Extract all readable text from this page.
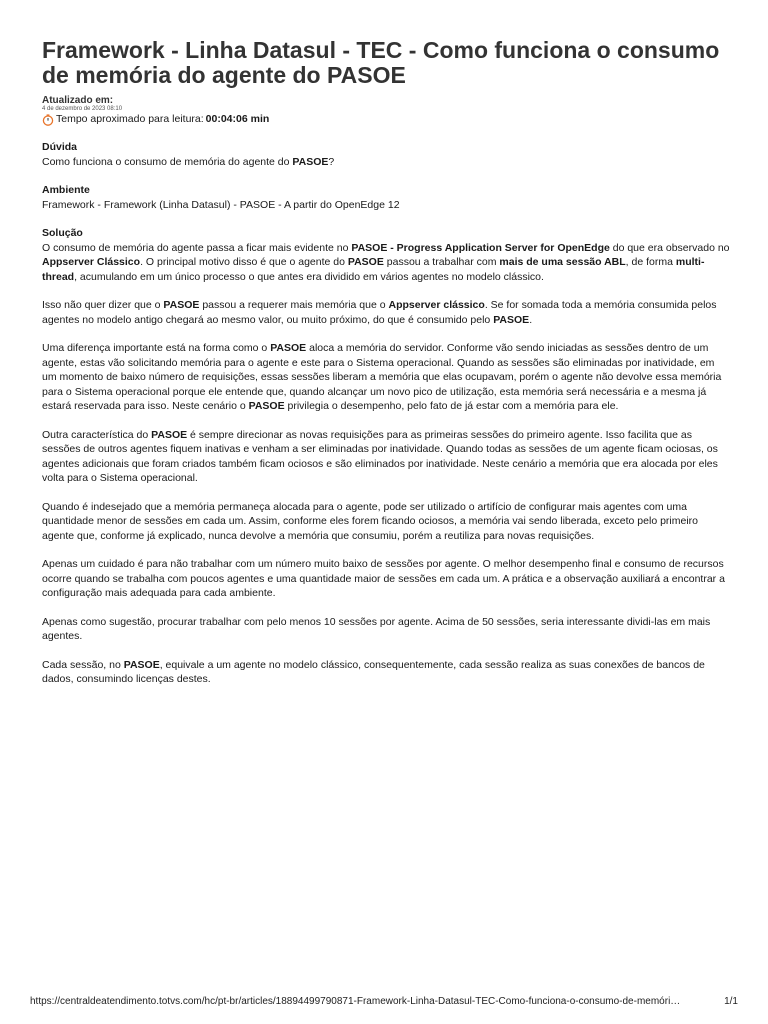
Framework - Linha Datasul - TEC - Como funciona o consumo de memória do agente do PASOE
Atualizado em:
4 de dezembro de 2023 08:10
Tempo aproximado para leitura: 00:04:06 min
Dúvida

Como funciona o consumo de memória do agente do PASOE?

Ambiente

Framework - Framework (Linha Datasul) - PASOE - A partir do OpenEdge 12

Solução

O consumo de memória do agente passa a ficar mais evidente no PASOE - Progress Application Server for OpenEdge do que era observado no Appserver Clássico. O principal motivo disso é que o agente do PASOE passou a trabalhar com mais de uma sessão ABL, de forma multi-thread, acumulando em um único processo o que antes era dividido em vários agentes no modelo clássico.

Isso não quer dizer que o PASOE passou a requerer mais memória que o Appserver clássico. Se for somada toda a memória consumida pelos agentes no modelo antigo chegará ao mesmo valor, ou muito próximo, do que é consumido pelo PASOE.

Uma diferença importante está na forma como o PASOE aloca a memória do servidor. Conforme vão sendo iniciadas as sessões dentro de um agente, estas vão solicitando memória para o agente e este para o Sistema operacional. Quando as sessões são eliminadas por inatividade, em um momento de baixo número de requisições, essas sessões liberam a memória que elas ocupavam, porém o agente não devolve essa memória para o Sistema operacional porque ele entende que, quando alcançar um novo pico de utilização, esta memória será necessária e a mesma já estará reservada para isso. Neste cenário o PASOE privilegia o desempenho, pelo fato de já estar com a memória para ele.

Outra característica do PASOE é sempre direcionar as novas requisições para as primeiras sessões do primeiro agente. Isso facilita que as sessões de outros agentes fiquem inativas e venham a ser eliminadas por inatividade. Quando todas as sessões de um agente ficam ociosas, os agentes adicionais que foram criados também ficam ociosos e são eliminados por inatividade. Neste cenário a memória que era alocada por eles volta para o Sistema operacional.

Quando é indesejado que a memória permaneça alocada para o agente, pode ser utilizado o artifício de configurar mais agentes com uma quantidade menor de sessões em cada um. Assim, conforme eles forem ficando ociosos, a memória vai sendo liberada, exceto pelo primeiro agente que, conforme já explicado, nunca devolve a memória que consumiu, porém a reutiliza para novas requisições.

Apenas um cuidado é para não trabalhar com um número muito baixo de sessões por agente. O melhor desempenho final e consumo de recursos ocorre quando se trabalha com poucos agentes e uma quantidade maior de sessões em cada um. A prática e a observação auxiliará a encontrar a configuração mais adequada para cada ambiente.

Apenas como sugestão, procurar trabalhar com pelo menos 10 sessões por agente. Acima de 50 sessões, seria interessante dividi-las em mais agentes.

Cada sessão, no PASOE, equivale a um agente no modelo clássico, consequentemente, cada sessão realiza as suas conexões de bancos de dados, consumindo licenças destes.

https://centraldeatendimento.totvs.com/hc/pt-br/articles/18894499790871-Framework-Linha-Datasul-TEC-Como-funciona-o-consumo-de-memóri…	1/1
